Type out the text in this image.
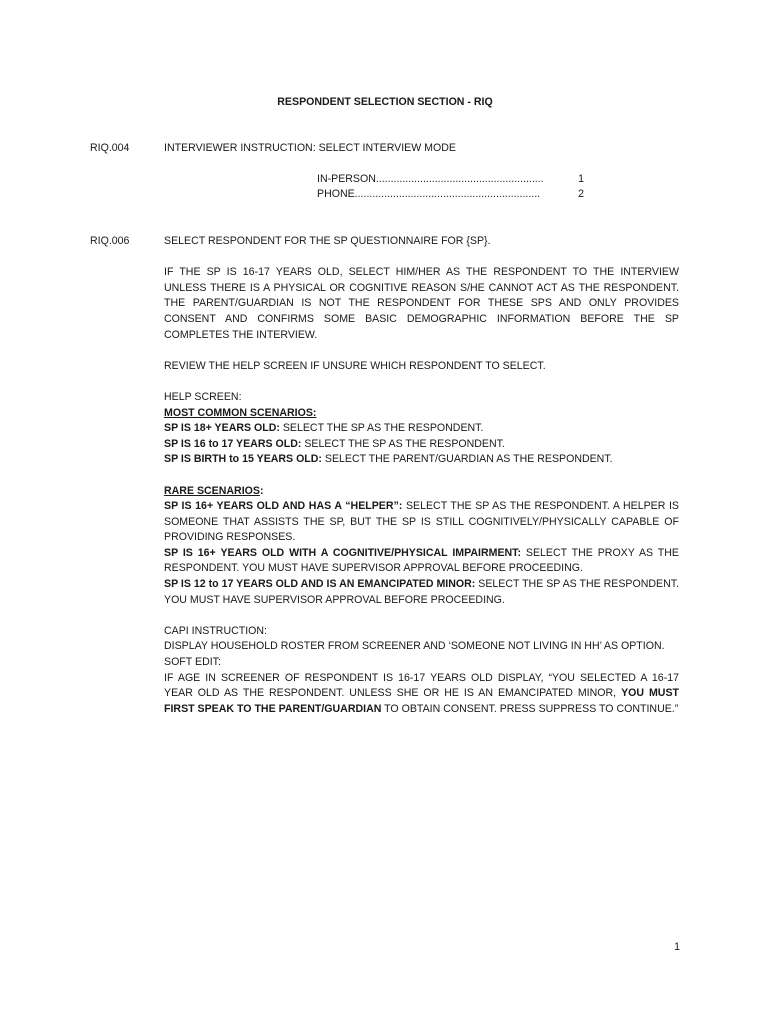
RESPONDENT SELECTION SECTION - RIQ
RIQ.004	INTERVIEWER INSTRUCTION: SELECT INTERVIEW MODE
IN-PERSON.........................................................	1
PHONE...............................................................	2
RIQ.006	SELECT RESPONDENT FOR THE SP QUESTIONNAIRE FOR {SP}.

IF THE SP IS 16-17 YEARS OLD, SELECT HIM/HER AS THE RESPONDENT TO THE INTERVIEW UNLESS THERE IS A PHYSICAL OR COGNITIVE REASON S/HE CANNOT ACT AS THE RESPONDENT. THE PARENT/GUARDIAN IS NOT THE RESPONDENT FOR THESE SPS AND ONLY PROVIDES CONSENT AND CONFIRMS SOME BASIC DEMOGRAPHIC INFORMATION BEFORE THE SP COMPLETES THE INTERVIEW.

REVIEW THE HELP SCREEN IF UNSURE WHICH RESPONDENT TO SELECT.

HELP SCREEN:

MOST COMMON SCENARIOS:

SP IS 18+ YEARS OLD: SELECT THE SP AS THE RESPONDENT.

SP IS 16 to 17 YEARS OLD: SELECT THE SP AS THE RESPONDENT.

SP IS BIRTH to 15 YEARS OLD: SELECT THE PARENT/GUARDIAN AS THE RESPONDENT.

RARE SCENARIOS:

SP IS 16+ YEARS OLD AND HAS A “HELPER”: SELECT THE SP AS THE RESPONDENT. A HELPER IS SOMEONE THAT ASSISTS THE SP, BUT THE SP IS STILL COGNITIVELY/PHYSICALLY CAPABLE OF PROVIDING RESPONSES.

SP IS 16+ YEARS OLD WITH A COGNITIVE/PHYSICAL IMPAIRMENT: SELECT THE PROXY AS THE RESPONDENT. YOU MUST HAVE SUPERVISOR APPROVAL BEFORE PROCEEDING.

SP IS 12 to 17 YEARS OLD AND IS AN EMANCIPATED MINOR: SELECT THE SP AS THE RESPONDENT. YOU MUST HAVE SUPERVISOR APPROVAL BEFORE PROCEEDING.

CAPI INSTRUCTION:

DISPLAY HOUSEHOLD ROSTER FROM SCREENER AND ‘SOMEONE NOT LIVING IN HH’ AS OPTION.

SOFT EDIT:

IF AGE IN SCREENER OF RESPONDENT IS 16-17 YEARS OLD DISPLAY, “YOU SELECTED A 16-17 YEAR OLD AS THE RESPONDENT. UNLESS SHE OR HE IS AN EMANCIPATED MINOR, YOU MUST FIRST SPEAK TO THE PARENT/GUARDIAN TO OBTAIN CONSENT. PRESS SUPPRESS TO CONTINUE.”

1
